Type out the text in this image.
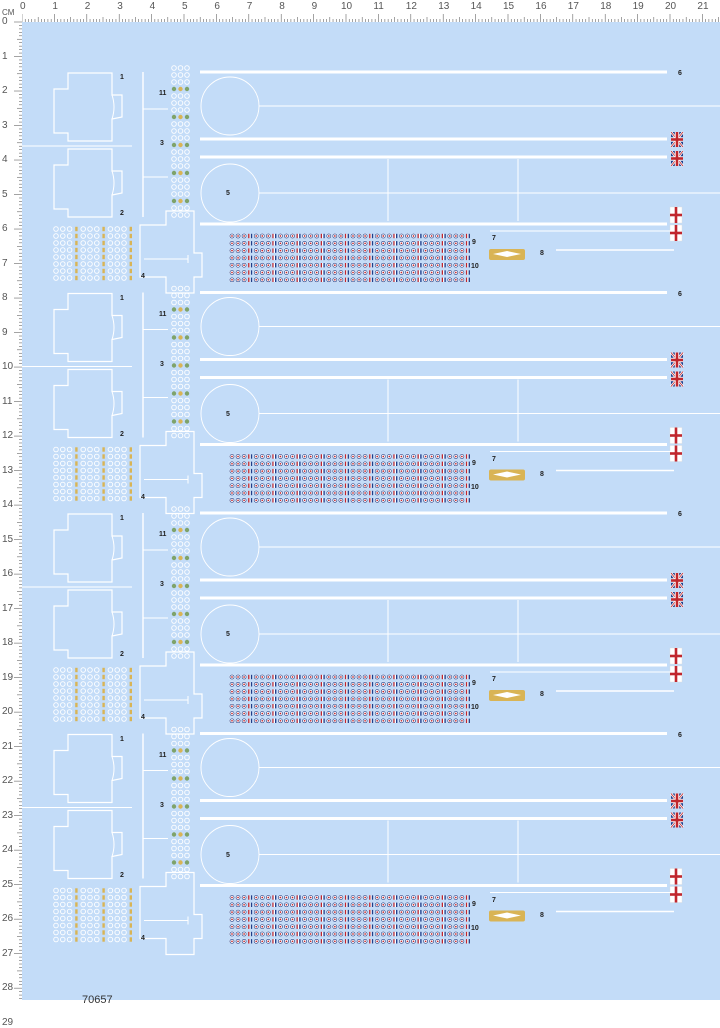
CM
70657
1
2
3
11
5
6
4
9
10
7
8
1
2
3
11
5
6
4
9
10
7
8
1
2
3
11
5
6
4
9
10
7
8
1
2
3
11
5
6
4
9
10
7
8
0	1	2	3	4	5	6	7	8	9 10 11 12 13 14 15 16 17 18 19 20 21
0
1
2
3
4
5
6
7
8
9
10
11
12
13
14
15
16
17
18
19
20
21
22
23
24
25
26
27
28
29
